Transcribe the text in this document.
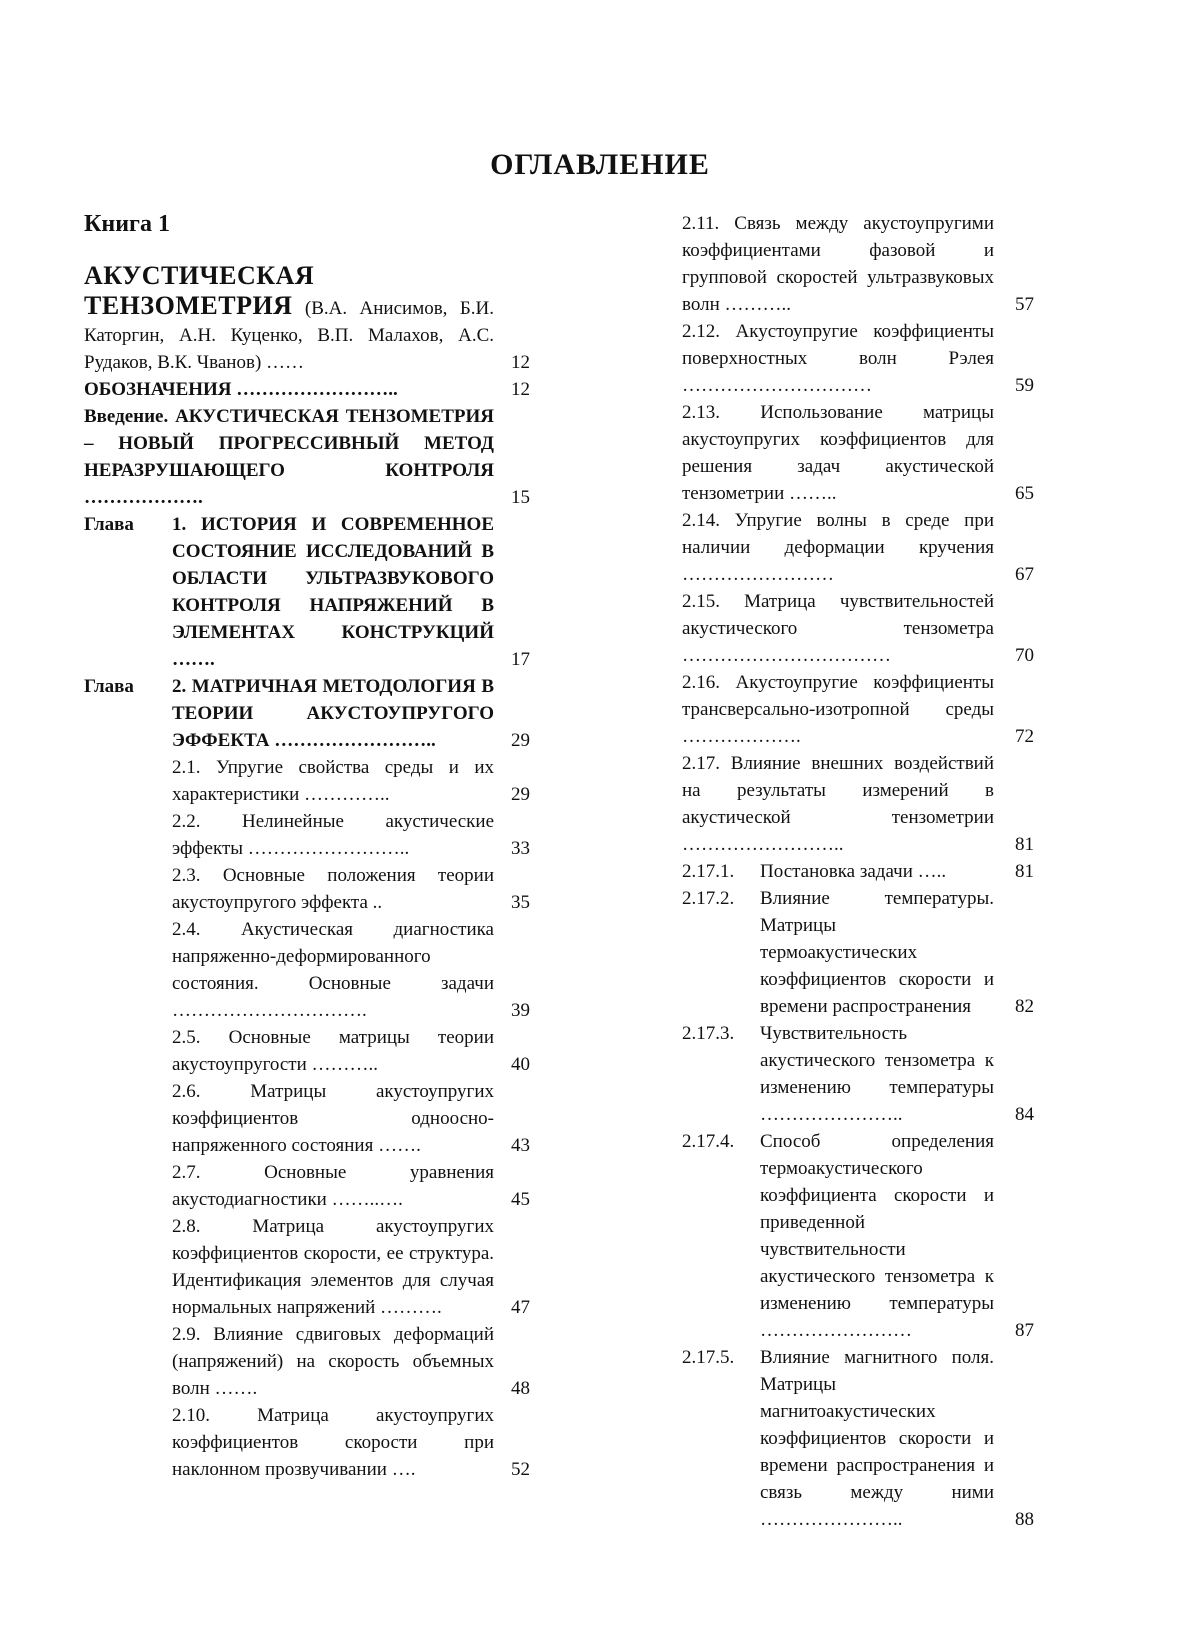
ОГЛАВЛЕНИЕ
Книга 1
АКУСТИЧЕСКАЯ
ТЕНЗОМЕТРИЯ (В.А. Анисимов, Б.И. Каторгин, А.Н. Куценко, В.П. Малахов, А.С. Рудаков, В.К. Чванов) ……	12
ОБОЗНАЧЕНИЯ ……………………..	12
Введение. АКУСТИЧЕСКАЯ ТЕНЗОМЕТРИЯ – НОВЫЙ ПРОГРЕССИВНЫЙ МЕТОД НЕРАЗРУШАЮЩЕГО КОНТРОЛЯ ……………….	15
Глава	1. ИСТОРИЯ И СОВРЕМЕННОЕ СОСТОЯНИЕ ИССЛЕДОВАНИЙ В ОБЛАСТИ УЛЬТРАЗВУКОВОГО КОНТРОЛЯ НАПРЯЖЕНИЙ В ЭЛЕМЕНТАХ КОНСТРУКЦИЙ …….	17
Глава	2. МАТРИЧНАЯ МЕТОДОЛОГИЯ В ТЕОРИИ АКУСТОУПРУГОГО ЭФФЕКТА ……………………..	29
2.1. Упругие свойства среды и их характеристики …………..	29
2.2. Нелинейные акустические эффекты ……………………..	33
2.3. Основные положения теории акустоупругого эффекта ..	35
2.4. Акустическая диагностика напряженно-деформированного состояния. Основные задачи ………………………….	39
2.5. Основные матрицы теории акустоупругости ………..	40
2.6. Матрицы акустоупругих коэффициентов одноосно-напряженного состояния …….	43
2.7. Основные уравнения акустодиагностики ……..….	45
2.8. Матрица акустоупругих коэффициентов скорости, ее структура. Идентификация элементов для случая нормальных напряжений ……….	47
2.9. Влияние сдвиговых деформаций (напряжений) на скорость объемных волн …….	48
2.10. Матрица акустоупругих коэффициентов скорости при наклонном прозвучивании ….	52
2.11. Связь между акустоупругими коэффициентами фазовой и групповой скоростей ультразвуковых волн ………..	57
2.12. Акустоупругие коэффициенты поверхностных волн Рэлея …………………………	59
2.13. Использование матрицы акустоупругих коэффициентов для решения задач акустической тензометрии ……..	65
2.14. Упругие волны в среде при наличии деформации кручения ……………………	67
2.15. Матрица чувствительностей акустического тензометра ……………………………	70
2.16. Акустоупругие коэффициенты трансверсально-изотропной среды ……………….	72
2.17. Влияние внешних воздействий на результаты измерений в акустической тензометрии ……………………..	81
2.17.1.	Постановка задачи …..	81
2.17.2.	Влияние температуры. Матрицы термоакустических коэффициентов скорости и времени распространения	82
2.17.3.	Чувствительность акустического тензометра к изменению температуры …………………..	84
2.17.4.	Способ определения термоакустического коэффициента скорости и приведенной чувствительности акустического тензометра к изменению температуры ……………………	87
2.17.5.	Влияние магнитного поля. Матрицы магнитоакустических коэффициентов скорости и времени распространения и связь между ними …………………..	88
